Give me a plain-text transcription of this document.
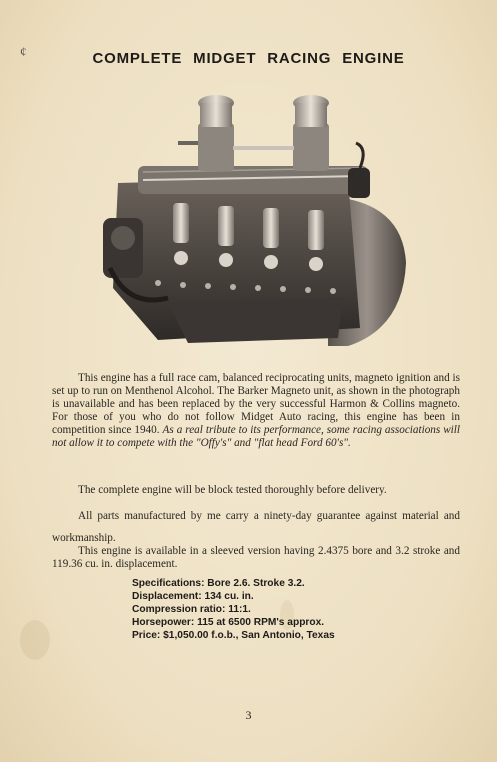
¢	COMPLETE MIDGET RACING ENGINE
This engine has a full race cam, balanced reciprocating units, magneto ignition and is set up to run on Menthenol Alcohol. The Barker Magneto unit, as shown in the photograph is unavailable and has been replaced by the very successful Harmon & Collins magneto. For those of you who do not follow Midget Auto racing, this engine has been in competition since 1940. As a real tribute to its performance, some racing associations will not allow it to compete with the "Offy's" and "flat head Ford 60's".
The complete engine will be block tested thoroughly before delivery.
All parts manufactured by me carry a ninety-day guarantee against material and workmanship.
This engine is available in a sleeved version having 2.4375 bore and 3.2 stroke and 119.36 cu. in. displacement.
Specifications: Bore 2.6. Stroke 3.2.
Displacement: 134 cu. in.
Compression ratio: 11:1.
Horsepower: 115 at 6500 RPM's approx.
Price: $1,050.00 f.o.b., San Antonio, Texas
3
